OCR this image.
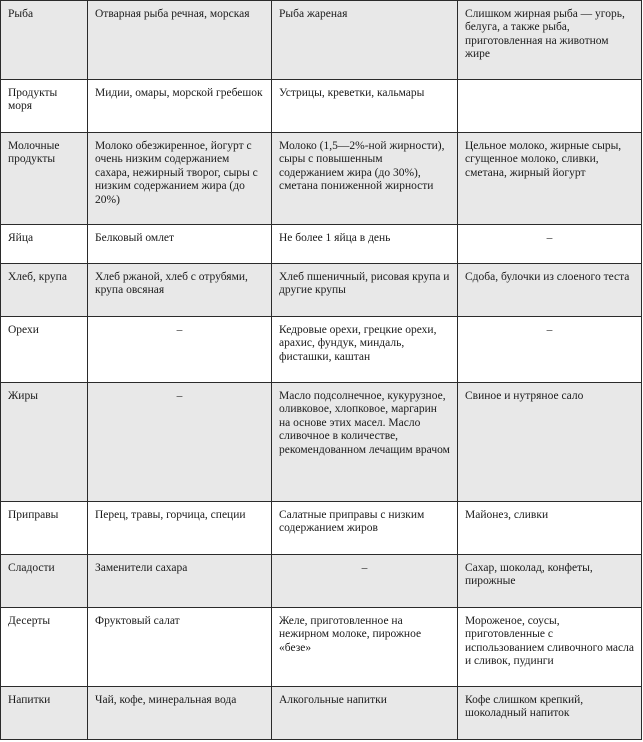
Рыба	Отварная рыба речная, морская	Рыба жареная	Слишком жирная рыба — угорь, белуга, а также рыба, приготовленная на животном жире
Продукты моря	Мидии, омары, морской гребешок	Устрицы, креветки, кальмары	
Молочные продукты	Молоко обезжиренное, йогурт с очень низким содержанием сахара, нежирный творог, сыры с низким содержанием жира (до 20%)	Молоко (1,5—2%-ной жирности), сыры с повышенным содержанием жира (до 30%), сметана пониженной жирности	Цельное молоко, жирные сыры, сгущенное молоко, сливки, сметана, жирный йогурт
Яйца	Белковый омлет	Не более 1 яйца в день	–
Хлеб, крупа	Хлеб ржаной, хлеб с отрубями, крупа овсяная	Хлеб пшеничный, рисовая крупа и другие крупы	Сдоба, булочки из слоеного теста
Орехи	–	Кедровые орехи, грецкие орехи, арахис, фундук, миндаль, фисташки, каштан	–
Жиры	–	Масло подсолнечное, кукурузное, оливковое, хлопковое, маргарин на основе этих масел. Масло сливочное в количестве, рекомендованном лечащим врачом	Свиное и нутряное сало
Приправы	Перец, травы, горчица, специи	Салатные приправы с низким содержанием жиров	Майонез, сливки
Сладости	Заменители сахара	–	Сахар, шоколад, конфеты, пирожные
Десерты	Фруктовый салат	Желе, приготовленное на нежирном молоке, пирожное «безе»	Мороженое, соусы, приготовленные с использованием сливочного масла и сливок, пудинги
Напитки	Чай, кофе, минеральная вода	Алкогольные напитки	Кофе слишком крепкий, шоколадный напиток
